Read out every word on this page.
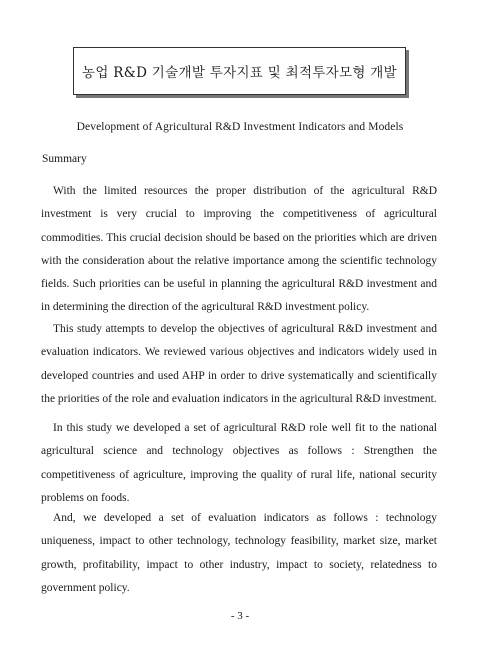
농업 R&D 기술개발 투자지표 및 최적투자모형 개발
Development of Agricultural R&D Investment Indicators and Models
Summary

With the limited resources the proper distribution of the agricultural R&D investment is very crucial to improving the competitiveness of agricultural commodities. This crucial decision should be based on the priorities which are driven with the consideration about the relative importance among the scientific technology fields. Such priorities can be useful in planning the agricultural R&D investment and in determining the direction of the agricultural R&D investment policy.

This study attempts to develop the objectives of agricultural R&D investment and evaluation indicators. We reviewed various objectives and indicators widely used in developed countries and used AHP in order to drive systematically and scientifically the priorities of the role and evaluation indicators in the agricultural R&D investment.

In this study we developed a set of agricultural R&D role well fit to the national agricultural science and technology objectives as follows : Strengthen the competitiveness of agriculture, improving the quality of rural life, national security problems on foods.

And, we developed a set of evaluation indicators as follows : technology uniqueness, impact to other technology, technology feasibility, market size, market growth, profitability, impact to other industry, impact to society, relatedness to government policy.

- 3 -
